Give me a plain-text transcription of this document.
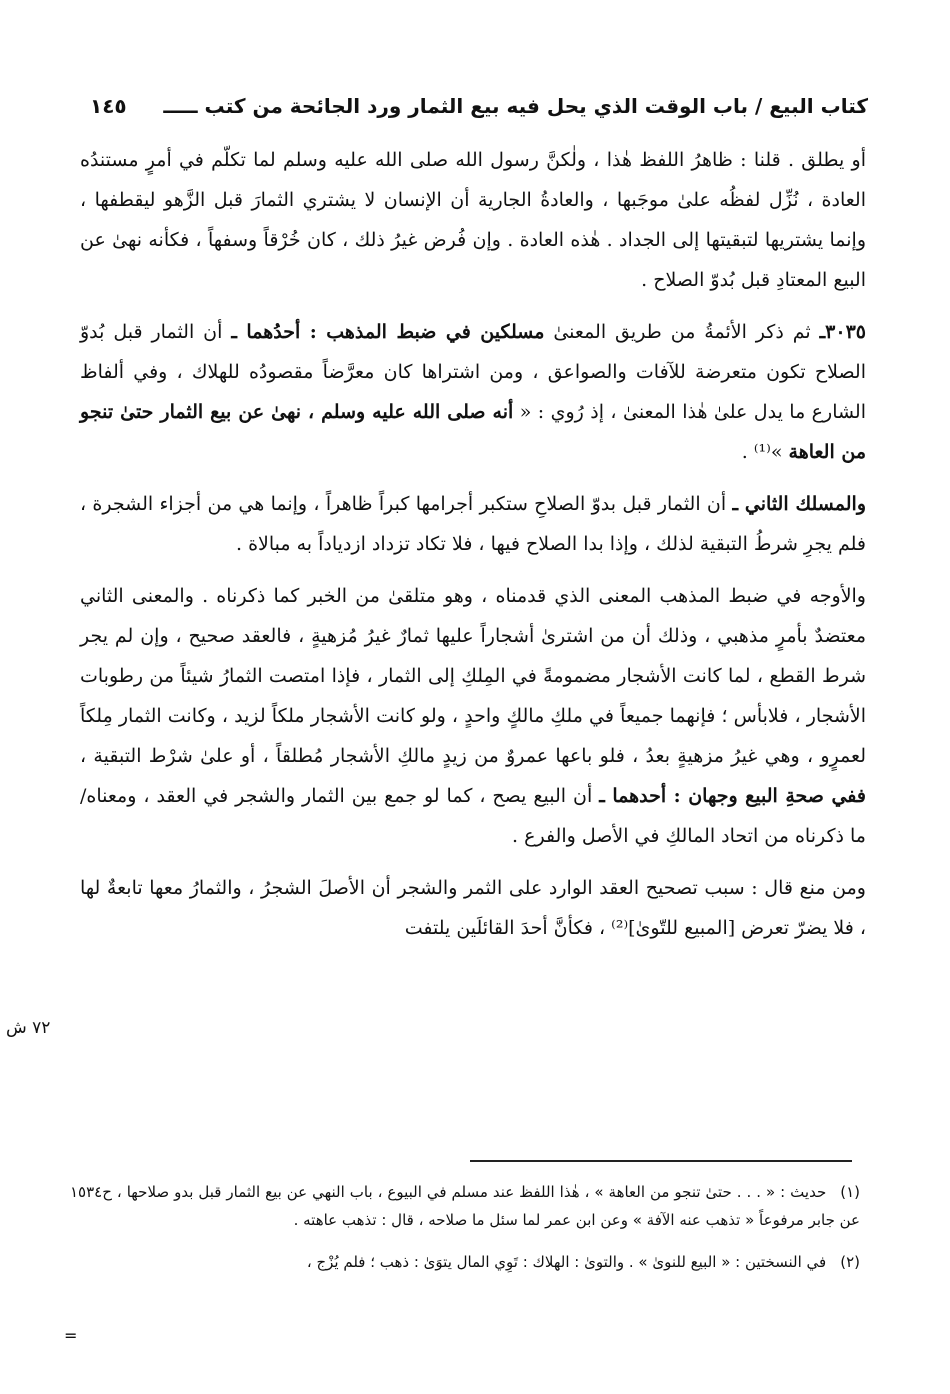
كتاب البيع / باب الوقت الذي يحل فيه بيع الثمار ورد الجائحة من كتب ـــــ
١٤٥

أو يطلق . قلنا : ظاهرُ اللفظ هٰذا ، ولٰكنَّ رسول الله صلى الله عليه وسلم لما تكلّم في أمرٍ مستندُه العادة ، نُزِّل لفظُه علىٰ موجَبها ، والعادةُ الجارية أن الإنسان لا يشتري الثمارَ قبل الزَّهو ليقطفها ، وإنما يشتريها لتبقيتها إلى الجداد . هٰذه العادة . وإن فُرض غيرُ ذلك ، كان خُرْقاً وسفهاً ، فكأنه نهىٰ عن البيع المعتادِ قبل بُدوّ الصلاح .

٣٠٣٥ـ ثم ذكر الأئمةُ من طريق المعنىٰ مسلكين في ضبط المذهب : أحدُهما ـ أن الثمار قبل بُدوّ الصلاح تكون متعرضة للآفات والصواعق ، ومن اشتراها كان معرَّضاً مقصودُه للهلاك ، وفي ألفاظ الشارع ما يدل علىٰ هٰذا المعنىٰ ، إذ رُوي : « أنه صلى الله عليه وسلم ، نهىٰ عن بيع الثمار حتىٰ تنجو من العاهة »⁽¹⁾ .

والمسلك الثاني ـ أن الثمار قبل بدوّ الصلاحِ ستكبر أجرامها كبراً ظاهراً ، وإنما هي من أجزاء الشجرة ، فلم يجرِ شرطُ التبقية لذلك ، وإذا بدا الصلاح فيها ، فلا تكاد تزداد ازدياداً به مبالاة .

والأوجه في ضبط المذهب المعنى الذي قدمناه ، وهو متلقىٰ من الخبر كما ذكرناه . والمعنى الثاني معتضدٌ بأمرٍ مذهبي ، وذلك أن من اشترىٰ أشجاراً عليها ثمارٌ غيرُ مُزهيةٍ ، فالعقد صحيح ، وإن لم يجر شرط القطع ، لما كانت الأشجار مضمومةً في المِلكِ إلى الثمار ، فإذا امتصت الثمارُ شيئاً من رطوبات الأشجار ، فلابأس ؛ فإنهما جميعاً في ملكِ مالكٍ واحدٍ ، ولو كانت الأشجار ملكاً لزيد ، وكانت الثمار مِلكاً لعمرٍو ، وهي غيرُ مزهيةٍ بعدُ ، فلو باعها عمروٌ من زيدٍ مالكِ الأشجار مُطلقاً ، أو علىٰ شرْط التبقية ، ففي صحةِ البيع وجهان : أحدهما ـ أن البيع يصح ، كما لو جمع بين الثمار والشجر في العقد ، ومعناه/ ما ذكرناه من اتحاد المالكِ في الأصل والفرع .

ومن منع قال : سبب تصحيح العقد الوارد على الثمر والشجر أن الأصلَ الشجرُ ، والثمارُ معها تابعةٌ لها ، فلا يضرّ تعرض [المبيع للتّوىٰ]⁽²⁾ ، فكأنَّ أحدَ القائلَين يلتفت

٧٢ ش

(١)حديث : « . . . حتىٰ تنجو من العاهة » ، هٰذا اللفظ عند مسلم في البيوع ، باب النهي عن بيع الثمار قبل بدو صلاحها ، ح١٥٣٤ عن جابر مرفوعاً « تذهب عنه الآفة » وعن ابن عمر لما سئل ما صلاحه ، قال : تذهب عاهته .

(٢)في النسختين : « البيع للنوىٰ » . والتوىٰ : الهلاك : تَوِي المال يتوَىٰ : ذهب ؛ فلم يُزْج ،

=
